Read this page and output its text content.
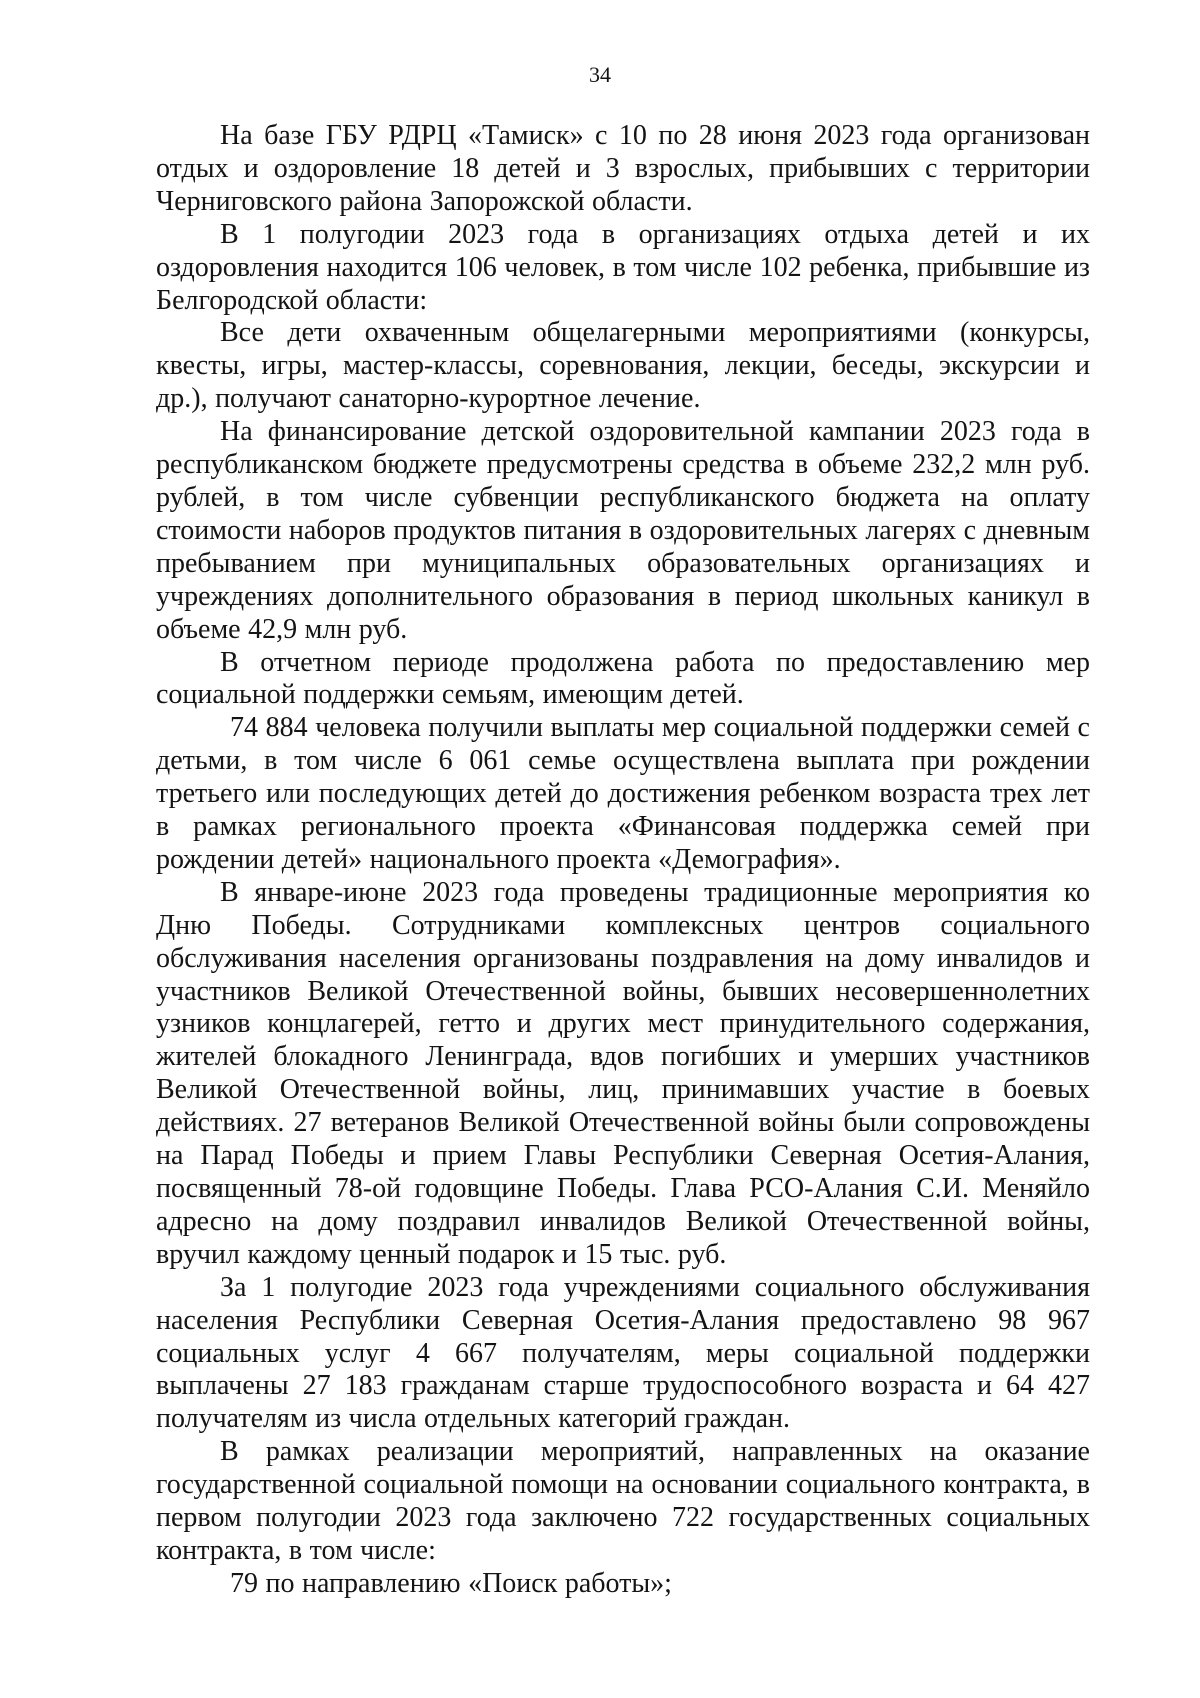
34

На базе ГБУ РДРЦ «Тамиск» с 10 по 28 июня 2023 года организован отдых и оздоровление 18 детей и 3 взрослых, прибывших с территории Черниговского района Запорожской области.

В 1 полугодии 2023 года в организациях отдыха детей и их оздоровления находится 106 человек, в том числе 102 ребенка, прибывшие из Белгородской области:

Все дети охваченным общелагерными мероприятиями (конкурсы, квесты, игры, мастер-классы, соревнования, лекции, беседы, экскурсии и др.), получают санаторно-курортное лечение.

На финансирование детской оздоровительной кампании 2023 года в республиканском бюджете предусмотрены средства в объеме 232,2 млн руб. рублей, в том числе субвенции республиканского бюджета на оплату стоимости наборов продуктов питания в оздоровительных лагерях с дневным пребыванием при муниципальных образовательных организациях и учреждениях дополнительного образования в период школьных каникул в объеме 42,9 млн руб.

В отчетном периоде продолжена работа по предоставлению мер социальной поддержки семьям, имеющим детей.

74 884 человека получили выплаты мер социальной поддержки семей с детьми, в том числе 6 061 семье осуществлена выплата при рождении третьего или последующих детей до достижения ребенком возраста трех лет в рамках регионального проекта «Финансовая поддержка семей при рождении детей» национального проекта «Демография».

В январе-июне 2023 года проведены традиционные мероприятия ко Дню Победы. Сотрудниками комплексных центров социального обслуживания населения организованы поздравления на дому инвалидов и участников Великой Отечественной войны, бывших несовершеннолетних узников концлагерей, гетто и других мест принудительного содержания, жителей блокадного Ленинграда, вдов погибших и умерших участников Великой Отечественной войны, лиц, принимавших участие в боевых действиях. 27 ветеранов Великой Отечественной войны были сопровождены на Парад Победы и прием Главы Республики Северная Осетия-Алания, посвященный 78-ой годовщине Победы. Глава РСО-Алания С.И. Меняйло адресно на дому поздравил инвалидов Великой Отечественной войны, вручил каждому ценный подарок и 15 тыс. руб.

За 1 полугодие 2023 года учреждениями социального обслуживания населения Республики Северная Осетия-Алания предоставлено 98 967 социальных услуг 4 667 получателям, меры социальной поддержки выплачены 27 183 гражданам старше трудоспособного возраста и 64 427 получателям из числа отдельных категорий граждан.

В рамках реализации мероприятий, направленных на оказание государственной социальной помощи на основании социального контракта, в первом полугодии 2023 года заключено 722 государственных социальных контракта, в том числе:

79 по направлению «Поиск работы»;
